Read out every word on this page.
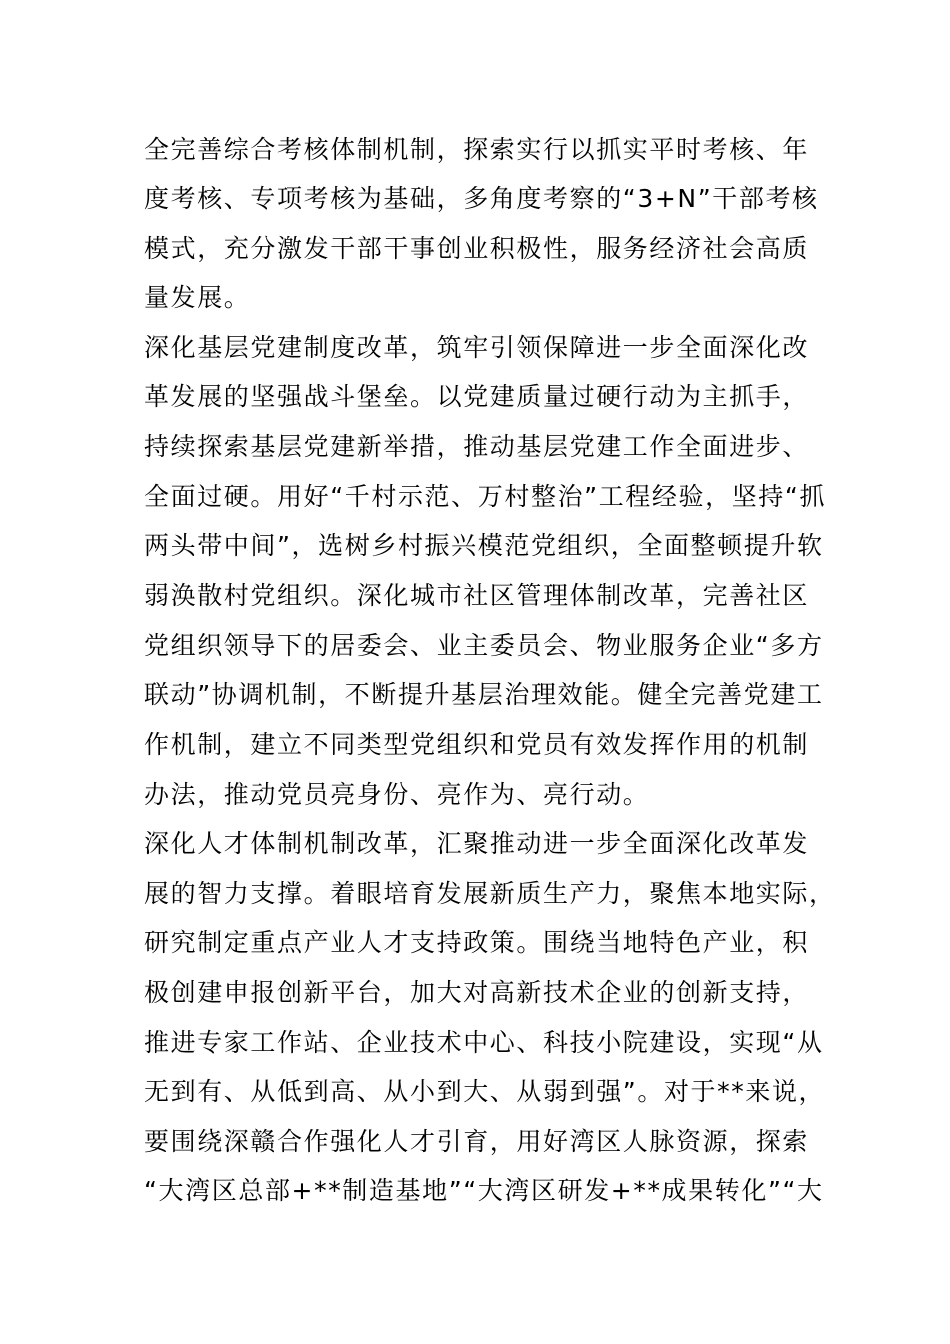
全完善综合考核体制机制，探索实行以抓实平时考核、年

度考核、专项考核为基础，多角度考察的“3+N”干部考核

模式，充分激发干部干事创业积极性，服务经济社会高质

量发展。

深化基层党建制度改革，筑牢引领保障进一步全面深化改

革发展的坚强战斗堡垒。以党建质量过硬行动为主抓手，

持续探索基层党建新举措，推动基层党建工作全面进步、

全面过硬。用好“千村示范、万村整治”工程经验，坚持“抓

两头带中间”，选树乡村振兴模范党组织，全面整顿提升软

弱涣散村党组织。深化城市社区管理体制改革，完善社区

党组织领导下的居委会、业主委员会、物业服务企业“多方

联动”协调机制，不断提升基层治理效能。健全完善党建工

作机制，建立不同类型党组织和党员有效发挥作用的机制

办法，推动党员亮身份、亮作为、亮行动。

深化人才体制机制改革，汇聚推动进一步全面深化改革发

展的智力支撑。着眼培育发展新质生产力，聚焦本地实际，

研究制定重点产业人才支持政策。围绕当地特色产业，积

极创建申报创新平台，加大对高新技术企业的创新支持，

推进专家工作站、企业技术中心、科技小院建设，实现“从

无到有、从低到高、从小到大、从弱到强”。对于**来说，

要围绕深赣合作强化人才引育，用好湾区人脉资源，探索

“大湾区总部+**制造基地”“大湾区研发+**成果转化”“大
